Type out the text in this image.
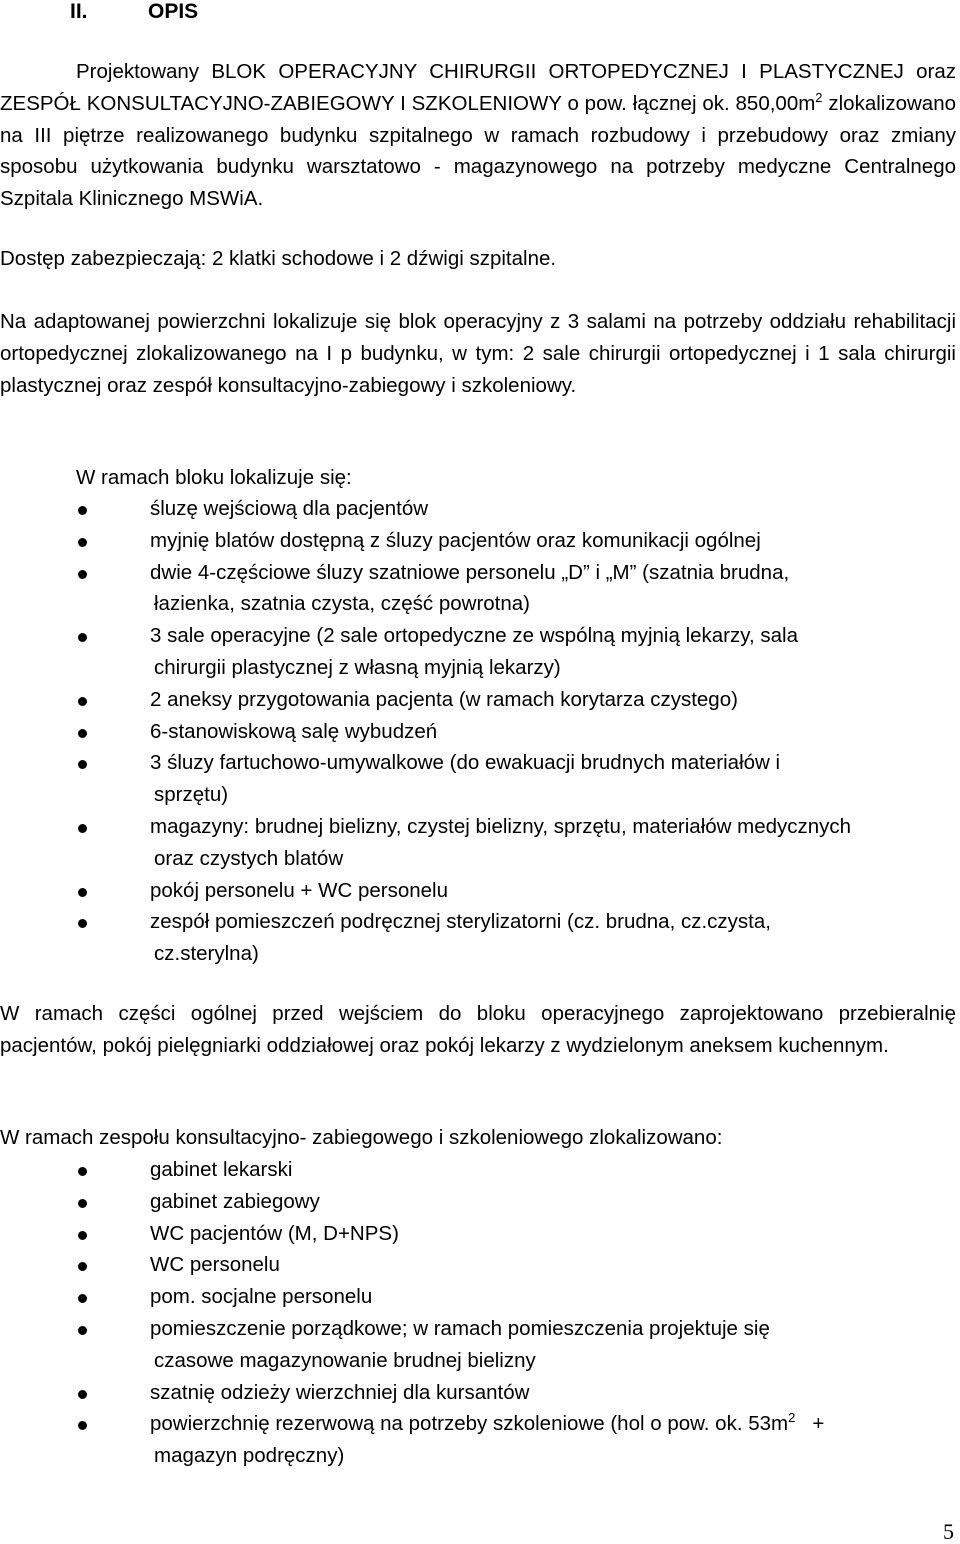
II.	OPIS

Projektowany BLOK OPERACYJNY CHIRURGII ORTOPEDYCZNEJ I PLASTYCZNEJ oraz ZESPÓŁ KONSULTACYJNO-ZABIEGOWY I SZKOLENIOWY o pow. łącznej ok. $850,00m^2$ zlokalizowano na III piętrze realizowanego budynku szpitalnego w ramach rozbudowy i przebudowy oraz zmiany sposobu użytkowania budynku warsztatowo - magazynowego na potrzeby medyczne Centralnego Szpitala Klinicznego MSWiA.

Dostęp zabezpieczają: 2 klatki schodowe i 2 dźwigi szpitalne.

Na adaptowanej powierzchni lokalizuje się blok operacyjny z 3 salami na potrzeby oddziału rehabilitacji ortopedycznej zlokalizowanego na I p budynku, w tym: 2 sale chirurgii ortopedycznej i 1 sala chirurgii plastycznej oraz zespół konsultacyjno-zabiegowy i szkoleniowy.

W ramach bloku lokalizuje się:

śluzę wejściową dla pacjentów
myjnię blatów dostępną z śluzy pacjentów oraz komunikacji ogólnej
dwie 4-częściowe śluzy szatniowe personelu „D” i „M” (szatnia brudna,
łazienka, szatnia czysta, część powrotna)
3 sale operacyjne (2 sale ortopedyczne ze wspólną myjnią lekarzy, sala
chirurgii plastycznej z własną myjnią lekarzy)
2 aneksy przygotowania pacjenta (w ramach korytarza czystego)
6-stanowiskową salę wybudzeń
3 śluzy fartuchowo-umywalkowe (do ewakuacji brudnych materiałów i
sprzętu)
magazyny: brudnej bielizny, czystej bielizny, sprzętu, materiałów medycznych
oraz czystych blatów
pokój personelu + WC personelu
zespół pomieszczeń podręcznej sterylizatorni (cz. brudna, cz.czysta,
cz.sterylna)

W ramach części ogólnej przed wejściem do bloku operacyjnego zaprojektowano przebieralnię pacjentów, pokój pielęgniarki oddziałowej oraz pokój lekarzy z wydzielonym aneksem kuchennym.

W ramach zespołu konsultacyjno- zabiegowego i szkoleniowego zlokalizowano:

gabinet lekarski
gabinet zabiegowy
WC pacjentów (M, D+NPS)
WC personelu
pom. socjalne personelu
pomieszczenie porządkowe; w ramach pomieszczenia projektuje się
czasowe magazynowanie brudnej bielizny
szatnię odzieży wierzchniej dla kursantów
powierzchnię rezerwową na potrzeby szkoleniowe (hol o pow. ok. $53m^2$   +
magazyn podręczny)
5
